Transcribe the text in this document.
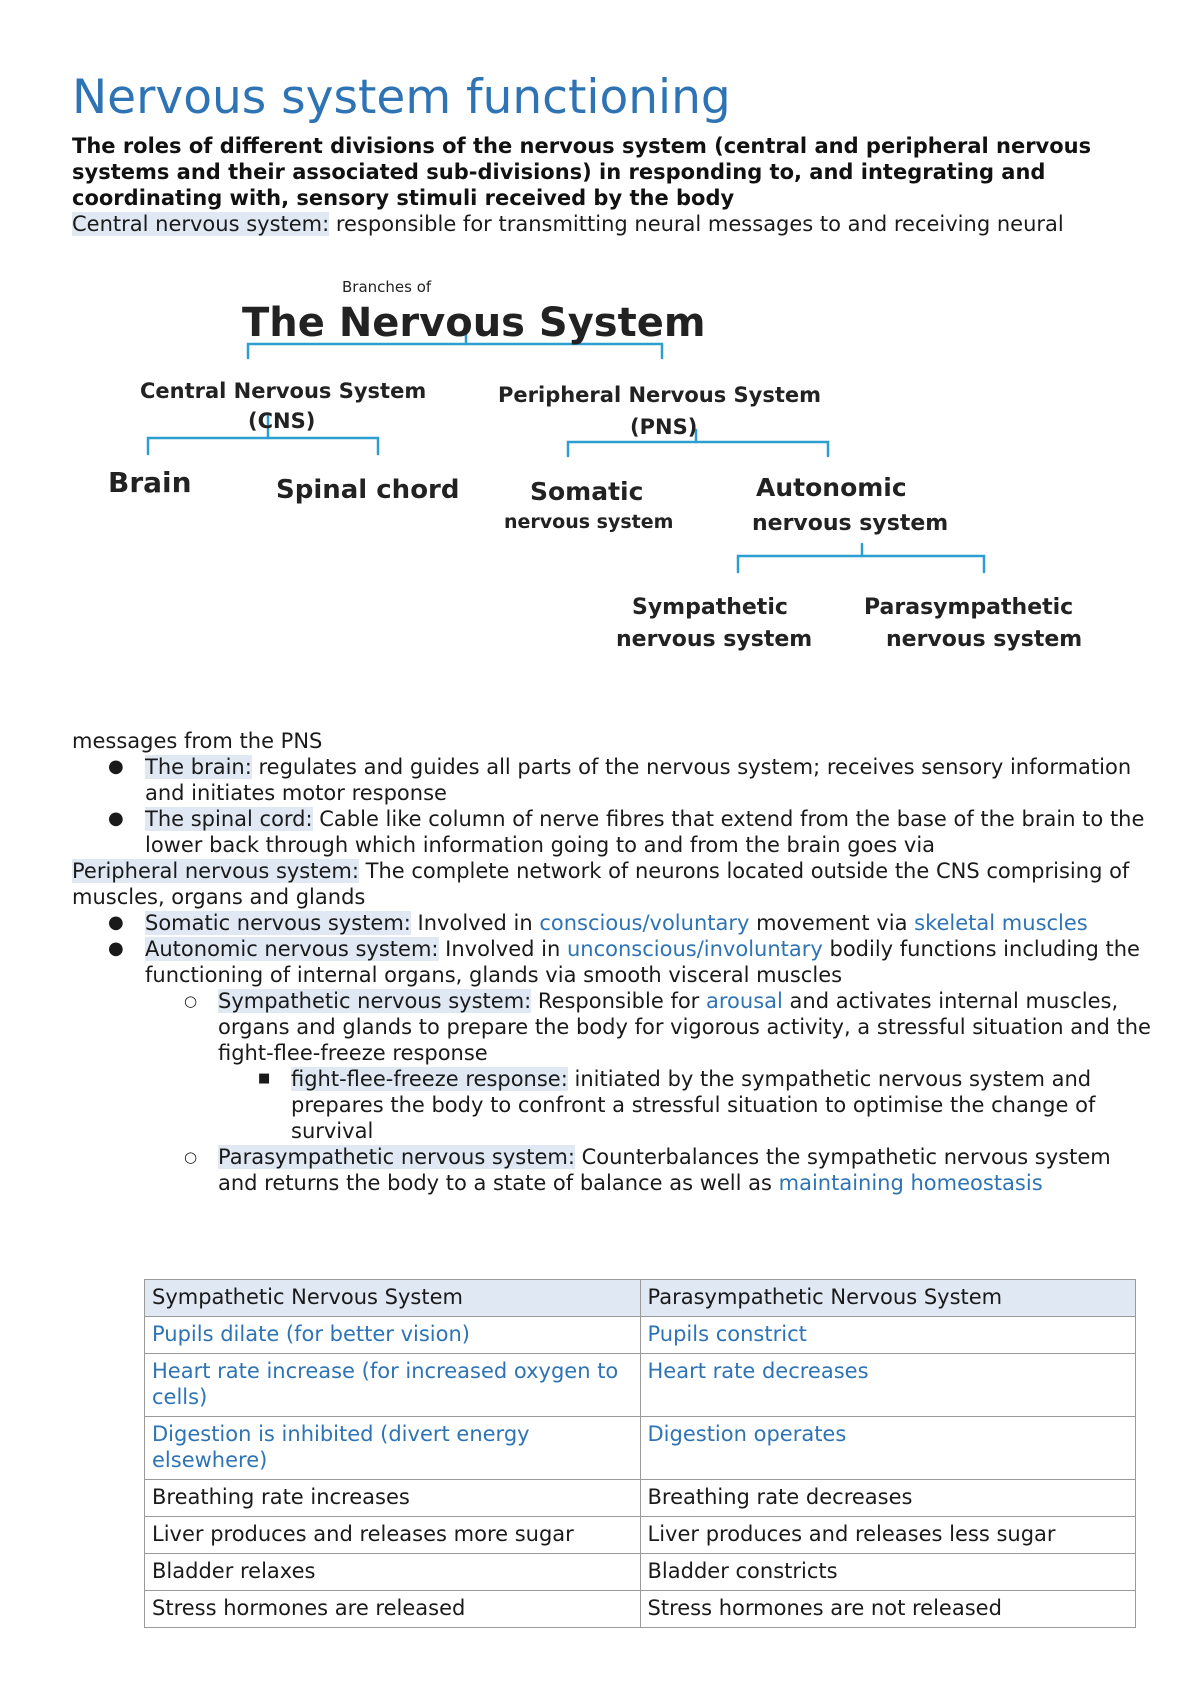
Nervous system functioning

The roles of different divisions of the nervous system (central and peripheral nervous systems and their associated sub-divisions) in responding to, and integrating and coordinating with, sensory stimuli received by the body

Central nervous system: responsible for transmitting neural messages to and receiving neural
Branches of
The Nervous System
Central Nervous System
(CNS)
Peripheral Nervous System
(PNS)
Brain	Spinal chord	Somatic
nervous system
Autonomic
nervous system
Sympathetic
nervous system
Parasympathetic
nervous system

messages from the PNS

● The brain: regulates and guides all parts of the nervous system; receives sensory information and initiates motor response
● The spinal cord: Cable like column of nerve fibres that extend from the base of the brain to the lower back through which information going to and from the brain goes via

Peripheral nervous system: The complete network of neurons located outside the CNS comprising of muscles, organs and glands

● Somatic nervous system: Involved in conscious/voluntary movement via skeletal muscles
● Autonomic nervous system: Involved in unconscious/involuntary bodily functions including the functioning of internal organs, glands via smooth visceral muscles
○ Sympathetic nervous system: Responsible for arousal and activates internal muscles, organs and glands to prepare the body for vigorous activity, a stressful situation and the fight-flee-freeze response
■ fight-flee-freeze response: initiated by the sympathetic nervous system and prepares the body to confront a stressful situation to optimise the change of survival
○ Parasympathetic nervous system: Counterbalances the sympathetic nervous system and returns the body to a state of balance as well as maintaining homeostasis
Sympathetic Nervous System	Parasympathetic Nervous System
Pupils dilate (for better vision)	Pupils constrict
Heart rate increase (for increased oxygen to cells)	Heart rate decreases
Digestion is inhibited (divert energy elsewhere)	Digestion operates
Breathing rate increases	Breathing rate decreases
Liver produces and releases more sugar	Liver produces and releases less sugar
Bladder relaxes	Bladder constricts
Stress hormones are released	Stress hormones are not released
